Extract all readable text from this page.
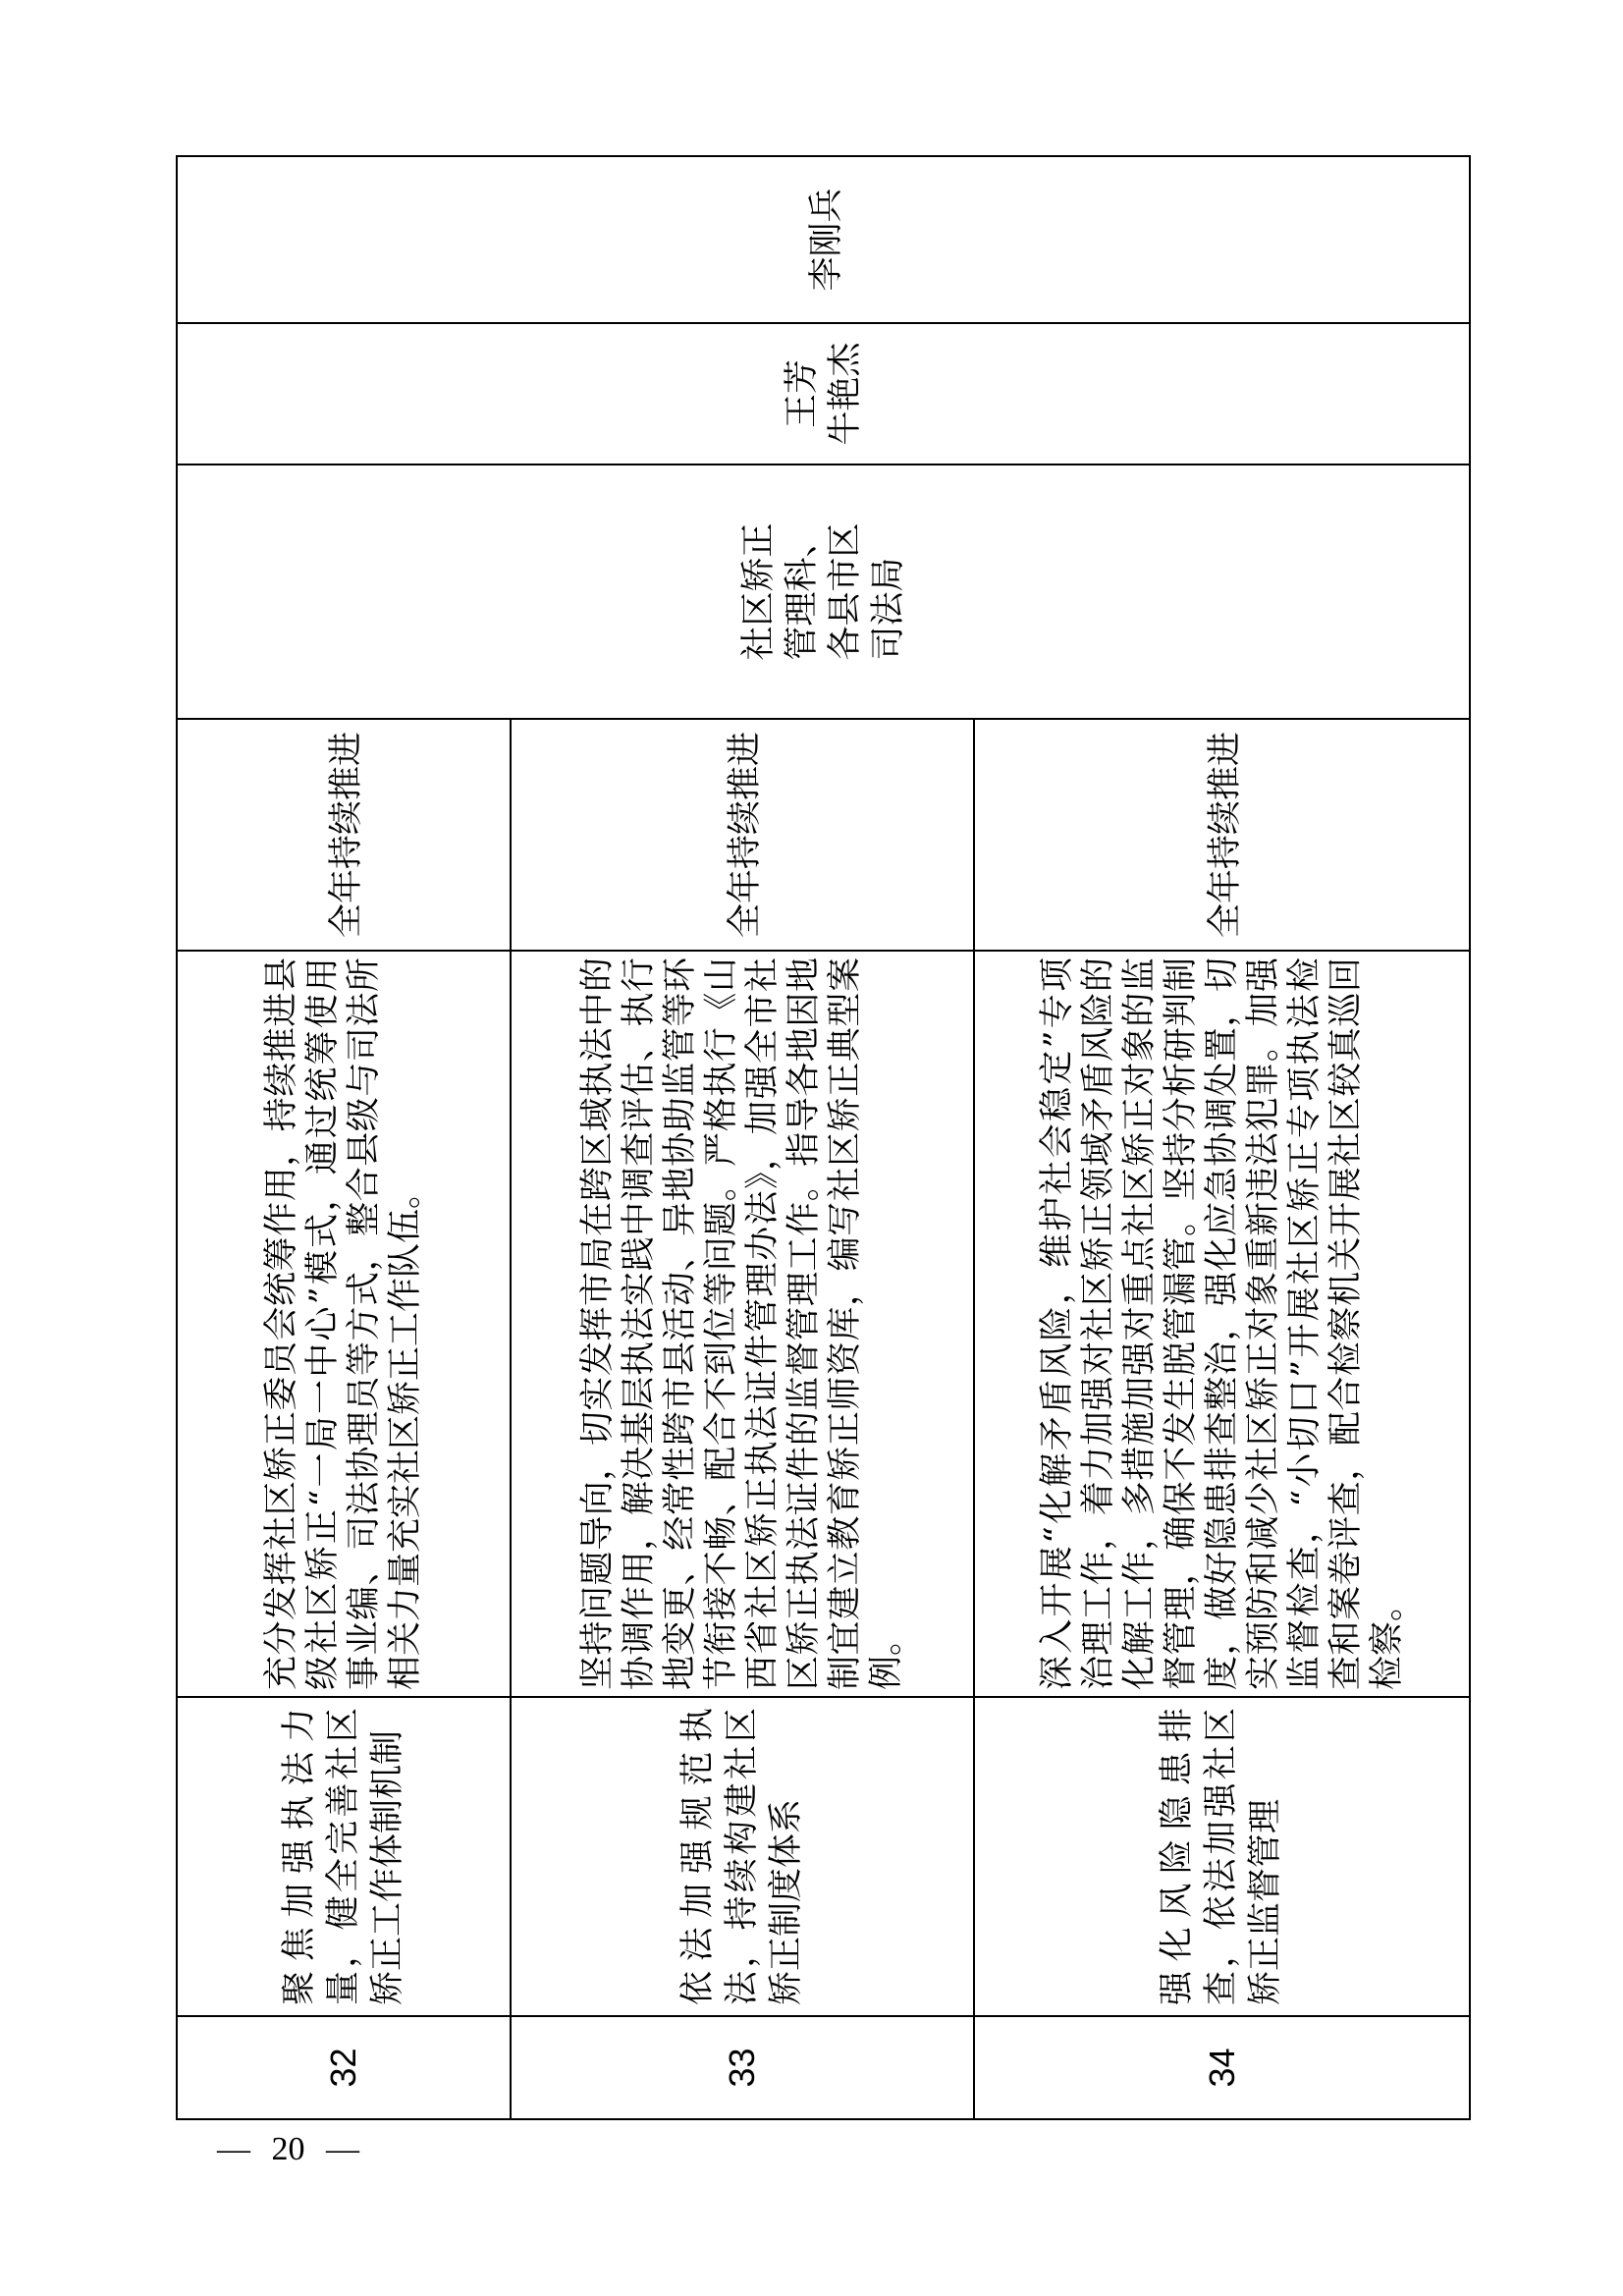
32
聚焦加强执法力 量，健全完善社区 矫正工作体制机制
充分发挥社区矫正委员会统筹作用，持续推进县 级社区矫正“一局一中心”模式，通过统筹使用 事业编、司法协理员等方式，整合县级与司法所 相关力量充实社区矫正工作队伍。
全年持续推进
33
依法加强规范执 法，持续构建社区 矫正制度体系
坚持问题导向，切实发挥市局在跨区域执法中的 协调作用，解决基层执法实践中调查评估、执行 地变更、经常性跨市县活动、异地协助监管等环 节衔接不畅、配合不到位等问题。严格执行《山 西省社区矫正执法证件管理办法》，加强全市社 区矫正执法证件的监督管理工作。指导各地因地 制宜建立教育矫正师资库，编写社区矫正典型案 例。
全年持续推进
34
强化风险隐患排 查，依法加强社区 矫正监督管理
深入开展“化解矛盾风险，维护社会稳定”专项 治理工作，着力加强对社区矫正领域矛盾风险的 化解工作，多措施加强对重点社区矫正对象的监 督管理，确保不发生脱管漏管。坚持分析研判制 度，做好隐患排查整治，强化应急协调处置，切 实预防和减少社区矫正对象重新违法犯罪。加强 监督检查，“小切口”开展社区矫正专项执法检 查和案卷评查，配合检察机关开展社区较真巡回 检察。
全年持续推进
社区矫正 管理科、 各县市区 司法局
王芳 牛艳杰
李刚兵
— 20 —
